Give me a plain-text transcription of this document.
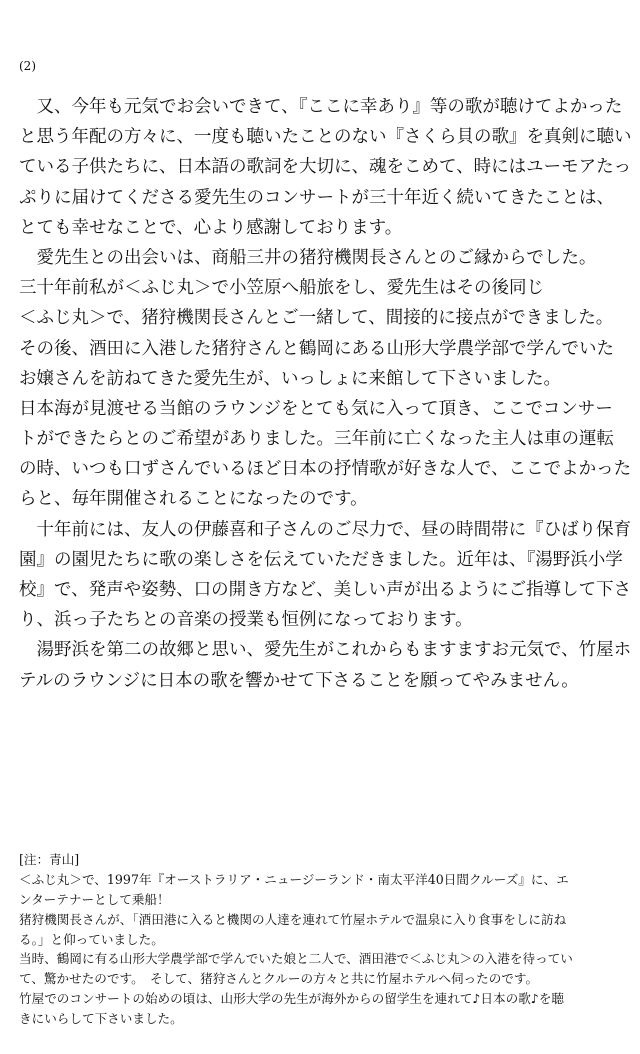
(2)
　又、今年も元気でお会いできて、『ここに幸あり』等の歌が聴けてよかった
と思う年配の方々に、一度も聴いたことのない『さくら貝の歌』を真剣に聴い
ている子供たちに、日本語の歌詞を大切に、魂をこめて、時にはユーモアたっ
ぷりに届けてくださる愛先生のコンサートが三十年近く続いてきたことは、
とても幸せなことで、心より感謝しております。
　愛先生との出会いは、商船三井の猪狩機関長さんとのご縁からでした。
三十年前私が＜ふじ丸＞で小笠原へ船旅をし、愛先生はその後同じ
＜ふじ丸＞で、猪狩機関長さんとご一緒して、間接的に接点ができました。
その後、酒田に入港した猪狩さんと鶴岡にある山形大学農学部で学んでいた
お嬢さんを訪ねてきた愛先生が、いっしょに来館して下さいました。
日本海が見渡せる当館のラウンジをとても気に入って頂き、ここでコンサー
トができたらとのご希望がありました。三年前に亡くなった主人は車の運転
の時、いつも口ずさんでいるほど日本の抒情歌が好きな人で、ここでよかった
らと、毎年開催されることになったのです。
　十年前には、友人の伊藤喜和子さんのご尽力で、昼の時間帯に『ひばり保育
園』の園児たちに歌の楽しさを伝えていただきました。近年は、『湯野浜小学
校』で、発声や姿勢、口の開き方など、美しい声が出るようにご指導して下さ
り、浜っ子たちとの音楽の授業も恒例になっております。
　湯野浜を第二の故郷と思い、愛先生がこれからもますますお元気で、竹屋ホ
テルのラウンジに日本の歌を響かせて下さることを願ってやみません。
[注：青山]
＜ふじ丸＞で、1997年『オーストラリア・ニュージーランド・南太平洋40日間クルーズ』に、エ
ンターテナーとして乗船！
猪狩機関長さんが、「酒田港に入ると機関の人達を連れて竹屋ホテルで温泉に入り食事をしに訪ね
る。」と仰っていました。
当時、鶴岡に有る山形大学農学部で学んでいた娘と二人で、酒田港で＜ふじ丸＞の入港を待ってい
て、驚かせたのです。　そして、猪狩さんとクルーの方々と共に竹屋ホテルへ伺ったのです。
竹屋でのコンサートの始めの頃は、山形大学の先生が海外からの留学生を連れて♪日本の歌♪を聴
きにいらして下さいました。
